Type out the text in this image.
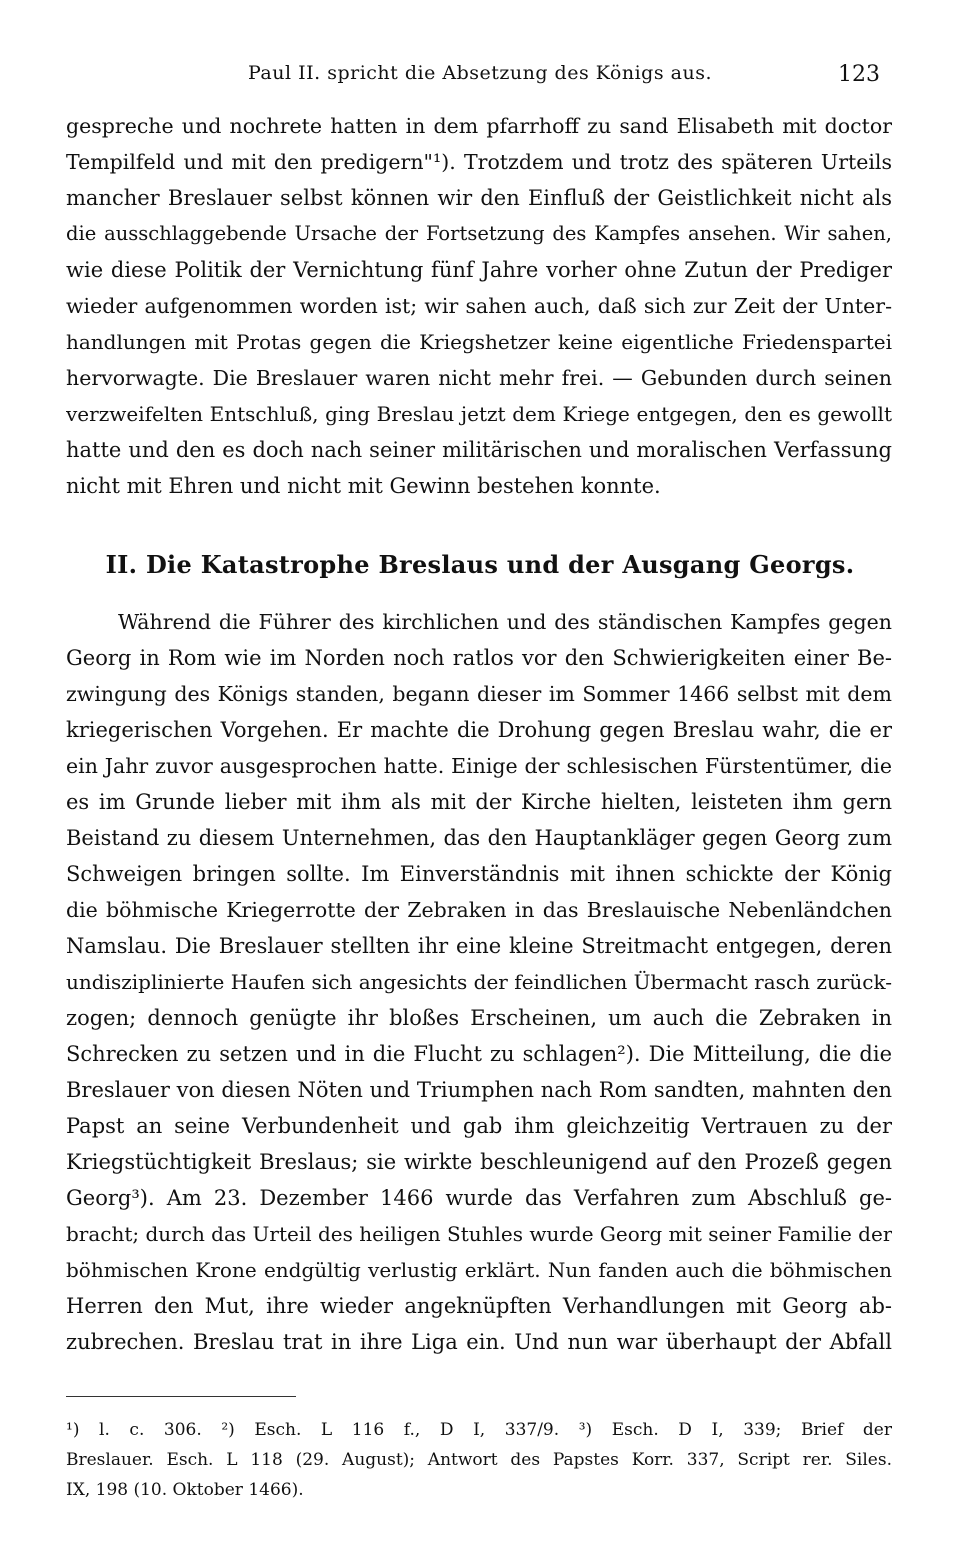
Paul II. spricht die Absetzung des Königs aus.	123
gespreche und nochrete hatten in dem pfarrhoff zu sand Elisabeth mit doctor
Tempilfeld und mit den predigern"¹). Trotzdem und trotz des späteren Urteils
mancher Breslauer selbst können wir den Einfluß der Geistlichkeit nicht als
die ausschlaggebende Ursache der Fortsetzung des Kampfes ansehen. Wir sahen,
wie diese Politik der Vernichtung fünf Jahre vorher ohne Zutun der Prediger
wieder aufgenommen worden ist; wir sahen auch, daß sich zur Zeit der Unter-
handlungen mit Protas gegen die Kriegshetzer keine eigentliche Friedenspartei
hervorwagte. Die Breslauer waren nicht mehr frei. — Gebunden durch seinen
verzweifelten Entschluß, ging Breslau jetzt dem Kriege entgegen, den es gewollt
hatte und den es doch nach seiner militärischen und moralischen Verfassung
nicht mit Ehren und nicht mit Gewinn bestehen konnte.
II. Die Katastrophe Breslaus und der Ausgang Georgs.
Während die Führer des kirchlichen und des ständischen Kampfes gegen
Georg in Rom wie im Norden noch ratlos vor den Schwierigkeiten einer Be-
zwingung des Königs standen, begann dieser im Sommer 1466 selbst mit dem
kriegerischen Vorgehen. Er machte die Drohung gegen Breslau wahr, die er
ein Jahr zuvor ausgesprochen hatte. Einige der schlesischen Fürstentümer, die
es im Grunde lieber mit ihm als mit der Kirche hielten, leisteten ihm gern
Beistand zu diesem Unternehmen, das den Hauptankläger gegen Georg zum
Schweigen bringen sollte. Im Einverständnis mit ihnen schickte der König
die böhmische Kriegerrotte der Zebraken in das Breslauische Nebenländchen
Namslau. Die Breslauer stellten ihr eine kleine Streitmacht entgegen, deren
undisziplinierte Haufen sich angesichts der feindlichen Übermacht rasch zurück-
zogen; dennoch genügte ihr bloßes Erscheinen, um auch die Zebraken in
Schrecken zu setzen und in die Flucht zu schlagen²). Die Mitteilung, die die
Breslauer von diesen Nöten und Triumphen nach Rom sandten, mahnten den
Papst an seine Verbundenheit und gab ihm gleichzeitig Vertrauen zu der
Kriegstüchtigkeit Breslaus; sie wirkte beschleunigend auf den Prozeß gegen
Georg³). Am 23. Dezember 1466 wurde das Verfahren zum Abschluß ge-
bracht; durch das Urteil des heiligen Stuhles wurde Georg mit seiner Familie der
böhmischen Krone endgültig verlustig erklärt. Nun fanden auch die böhmischen
Herren den Mut, ihre wieder angeknüpften Verhandlungen mit Georg ab-
zubrechen. Breslau trat in ihre Liga ein. Und nun war überhaupt der Abfall
¹) l. c. 306. ²) Esch. L 116 f., D I, 337/9. ³) Esch. D I, 339; Brief der
Breslauer. Esch. L 118 (29. August); Antwort des Papstes Korr. 337, Script rer. Siles.
IX, 198 (10. Oktober 1466).
